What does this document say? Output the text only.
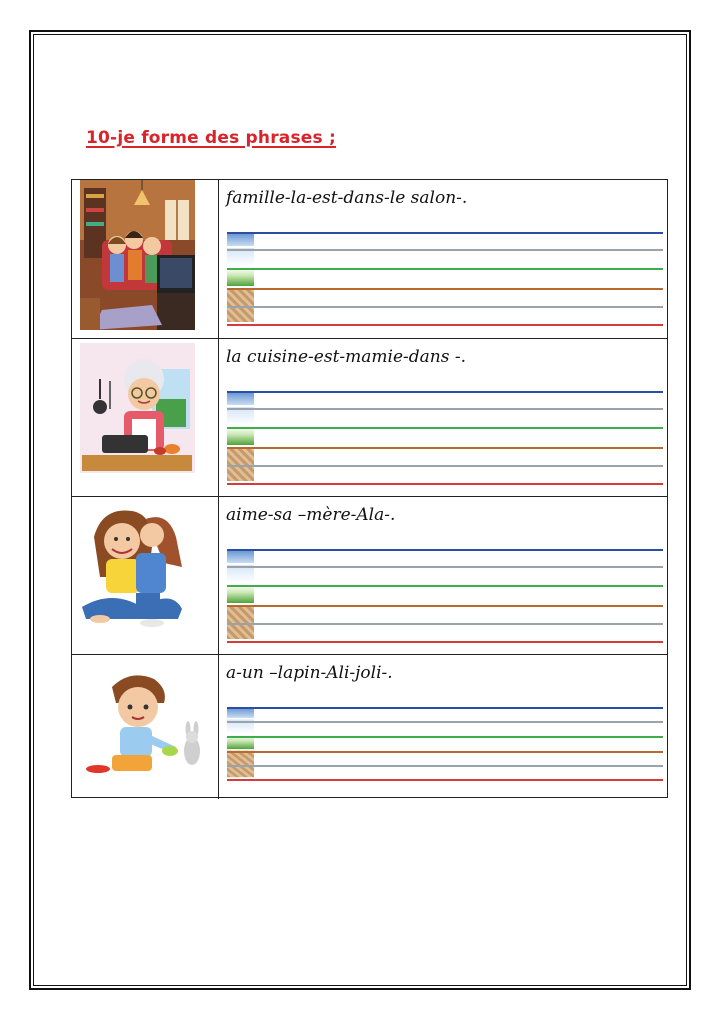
10-je forme des phrases ;
famille-la-est-dans-le salon-.
la cuisine-est-mamie-dans -.
aime-sa –mère-Ala-.
a-un –lapin-Ali-joli-.
